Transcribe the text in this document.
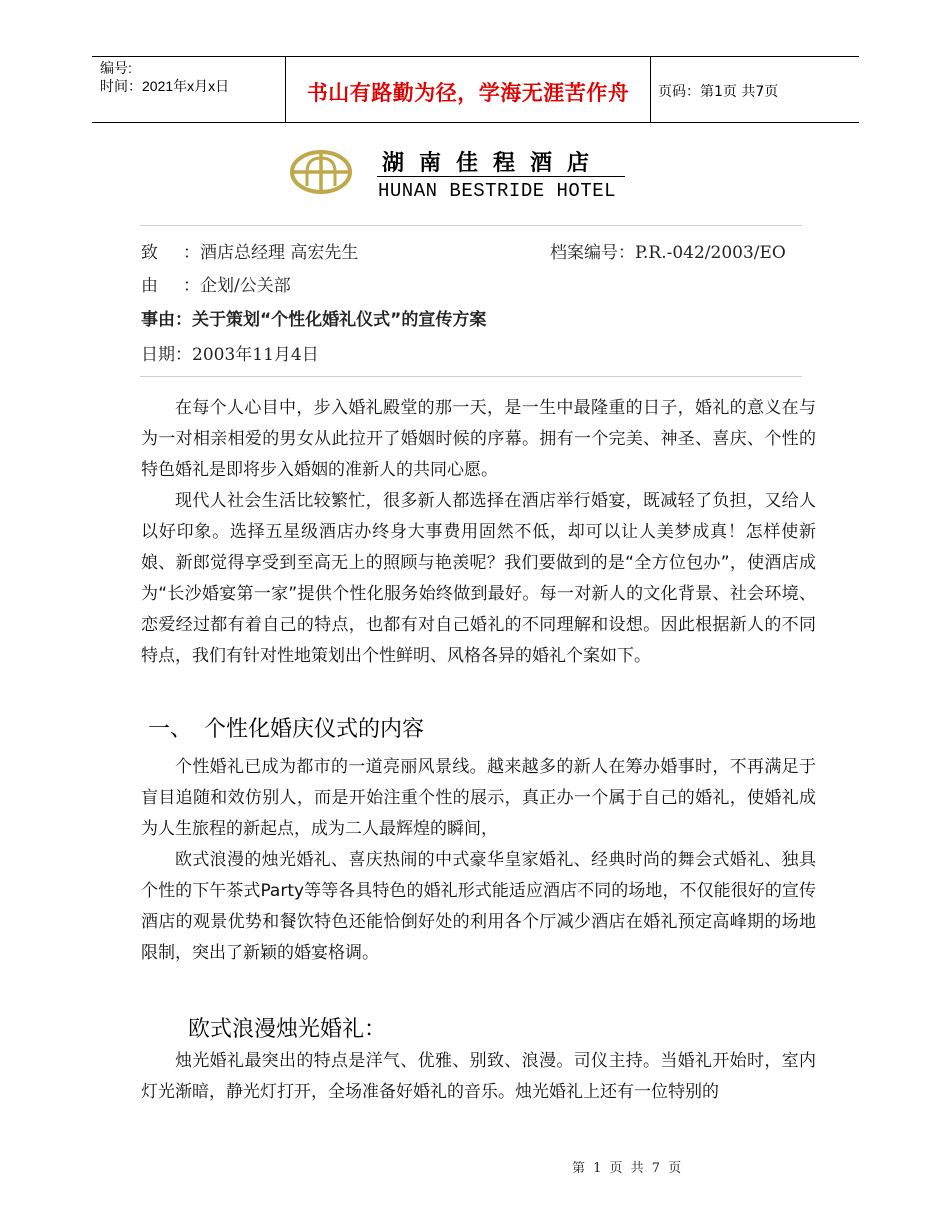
编号:
时间：2021年x月x日	书山有路勤为径，学海无涯苦作舟	页码：第1页 共7页
湖南佳程酒店
HUNAN BESTRIDE HOTEL
致 ：酒店总经理 高宏先生	档案编号：P.R.-042/2003/EO
由 ：企划/公关部
事由：关于策划“个性化婚礼仪式”的宣传方案
日期：2003年11月4日

在每个人心目中，步入婚礼殿堂的那一天，是一生中最隆重的日子，婚礼的意义在与为一对相亲相爱的男女从此拉开了婚姻时候的序幕。拥有一个完美、神圣、喜庆、个性的特色婚礼是即将步入婚姻的准新人的共同心愿。

现代人社会生活比较繁忙，很多新人都选择在酒店举行婚宴，既减轻了负担，又给人以好印象。选择五星级酒店办终身大事费用固然不低，却可以让人美梦成真！怎样使新娘、新郎觉得享受到至高无上的照顾与艳羡呢？我们要做到的是“全方位包办”，使酒店成为“长沙婚宴第一家”提供个性化服务始终做到最好。每一对新人的文化背景、社会环境、恋爱经过都有着自己的特点，也都有对自己婚礼的不同理解和设想。因此根据新人的不同特点，我们有针对性地策划出个性鲜明、风格各异的婚礼个案如下。

一、 个性化婚庆仪式的内容

个性婚礼已成为都市的一道亮丽风景线。越来越多的新人在筹办婚事时，不再满足于盲目追随和效仿别人，而是开始注重个性的展示，真正办一个属于自己的婚礼，使婚礼成为人生旅程的新起点，成为二人最辉煌的瞬间，

欧式浪漫的烛光婚礼、喜庆热闹的中式豪华皇家婚礼、经典时尚的舞会式婚礼、独具个性的下午茶式Party等等各具特色的婚礼形式能适应酒店不同的场地，不仅能很好的宣传酒店的观景优势和餐饮特色还能恰倒好处的利用各个厅减少酒店在婚礼预定高峰期的场地限制，突出了新颖的婚宴格调。

欧式浪漫烛光婚礼：

烛光婚礼最突出的特点是洋气、优雅、别致、浪漫。司仪主持。当婚礼开始时，室内灯光渐暗，静光灯打开，全场准备好婚礼的音乐。烛光婚礼上还有一位特别的

第 1 页 共 7 页
